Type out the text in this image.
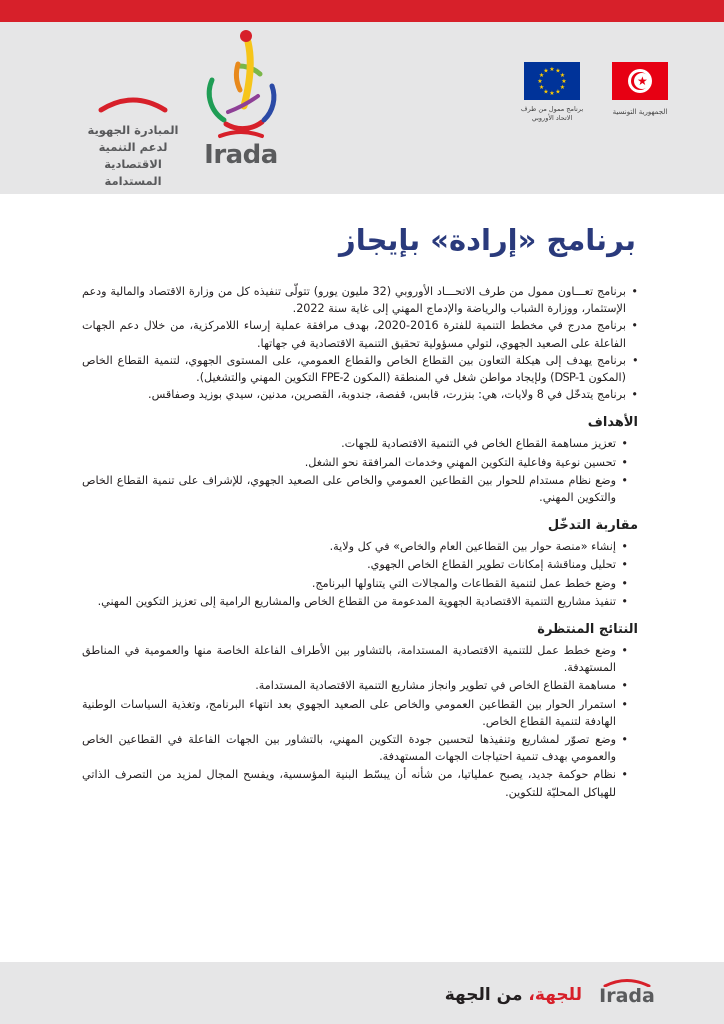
★
الجمهورية التونسية
★ ★
★
★
★
★
★
★
★
★
★
★
برنامج ممول من طرف الاتحاد الأوروبي
Irada
المبادرة الجهوية
لدعم التنمية
الاقتصادية المستدامة
برنامج «إرادة» بإيجاز
• برنامج تعـــاون ممول من طرف الاتحـــاد الأوروبي (32 مليون يورو) تتولّى تنفيذه كل من وزارة الاقتصاد والمالية ودعم الإستثمار، ووزارة الشباب والرياضة والإدماج المهني إلى غاية سنة 2022.
• برنامج مدرج في مخطط التنمية للفترة 2016-2020، بهدف مرافقة عملية إرساء اللامركزية، من خلال دعم الجهات الفاعلة على الصعيد الجهوي، لتولي مسؤولية تحقيق التنمية الاقتصادية في جهاتها.
• برنامج يهدف إلى هيكلة التعاون بين القطاع الخاص والقطاع العمومي، على المستوى الجهوي، لتنمية القطاع الخاص (المكون DSP-1) ولإيجاد مواطن شغل في المنطقة (المكون FPE-2 التكوين المهني والتشغيل).
• برنامج يتدخّل في 8 ولايات، هي: بنزرت، قابس، قفصة، جندوبة، القصرين، مدنين، سيدي بوزيد وصفاقس.
الأهداف
• تعزيز مساهمة القطاع الخاص في التنمية الاقتصادية للجهات.
• تحسين نوعية وفاعلية التكوين المهني وخدمات المرافقة نحو الشغل.
• وضع نظام مستدام للحوار بين القطاعين العمومي والخاص على الصعيد الجهوي، للإشراف على تنمية القطاع الخاص والتكوين المهني.
مقاربة التدخّل
• إنشاء «منصة حوار بين القطاعين العام والخاص» في كل ولاية.
• تحليل ومناقشة إمكانات تطوير القطاع الخاص الجهوي.
• وضع خطط عمل لتنمية القطاعات والمجالات التي يتناولها البرنامج.
• تنفيذ مشاريع التنمية الاقتصادية الجهوية المدعومة من القطاع الخاص والمشاريع الرامية إلى تعزيز التكوين المهني.
النتائج المنتظرة
• وضع خطط عمل للتنمية الاقتصادية المستدامة، بالتشاور بين الأطراف الفاعلة الخاصة منها والعمومية في المناطق المستهدفة.
• مساهمة القطاع الخاص في تطوير وانجاز مشاريع التنمية الاقتصادية المستدامة.
• استمرار الحوار بين القطاعين العمومي والخاص على الصعيد الجهوي بعد انتهاء البرنامج، وتغذية السياسات الوطنية الهادفة لتنمية القطاع الخاص.
• وضع تصوّر لمشاريع وتنفيذها لتحسين جودة التكوين المهني، بالتشاور بين الجهات الفاعلة في القطاعين الخاص والعمومي بهدف تنمية احتياجات الجهات المستهدفة.
• نظام حوكمة جديد، يصبح عملياتيا، من شأنه أن يبسّط البنية المؤسسية، ويفسح المجال لمزيد من التصرف الذاتي للهياكل المحليّة للتكوين.
Irada
للجهة، من الجهة
